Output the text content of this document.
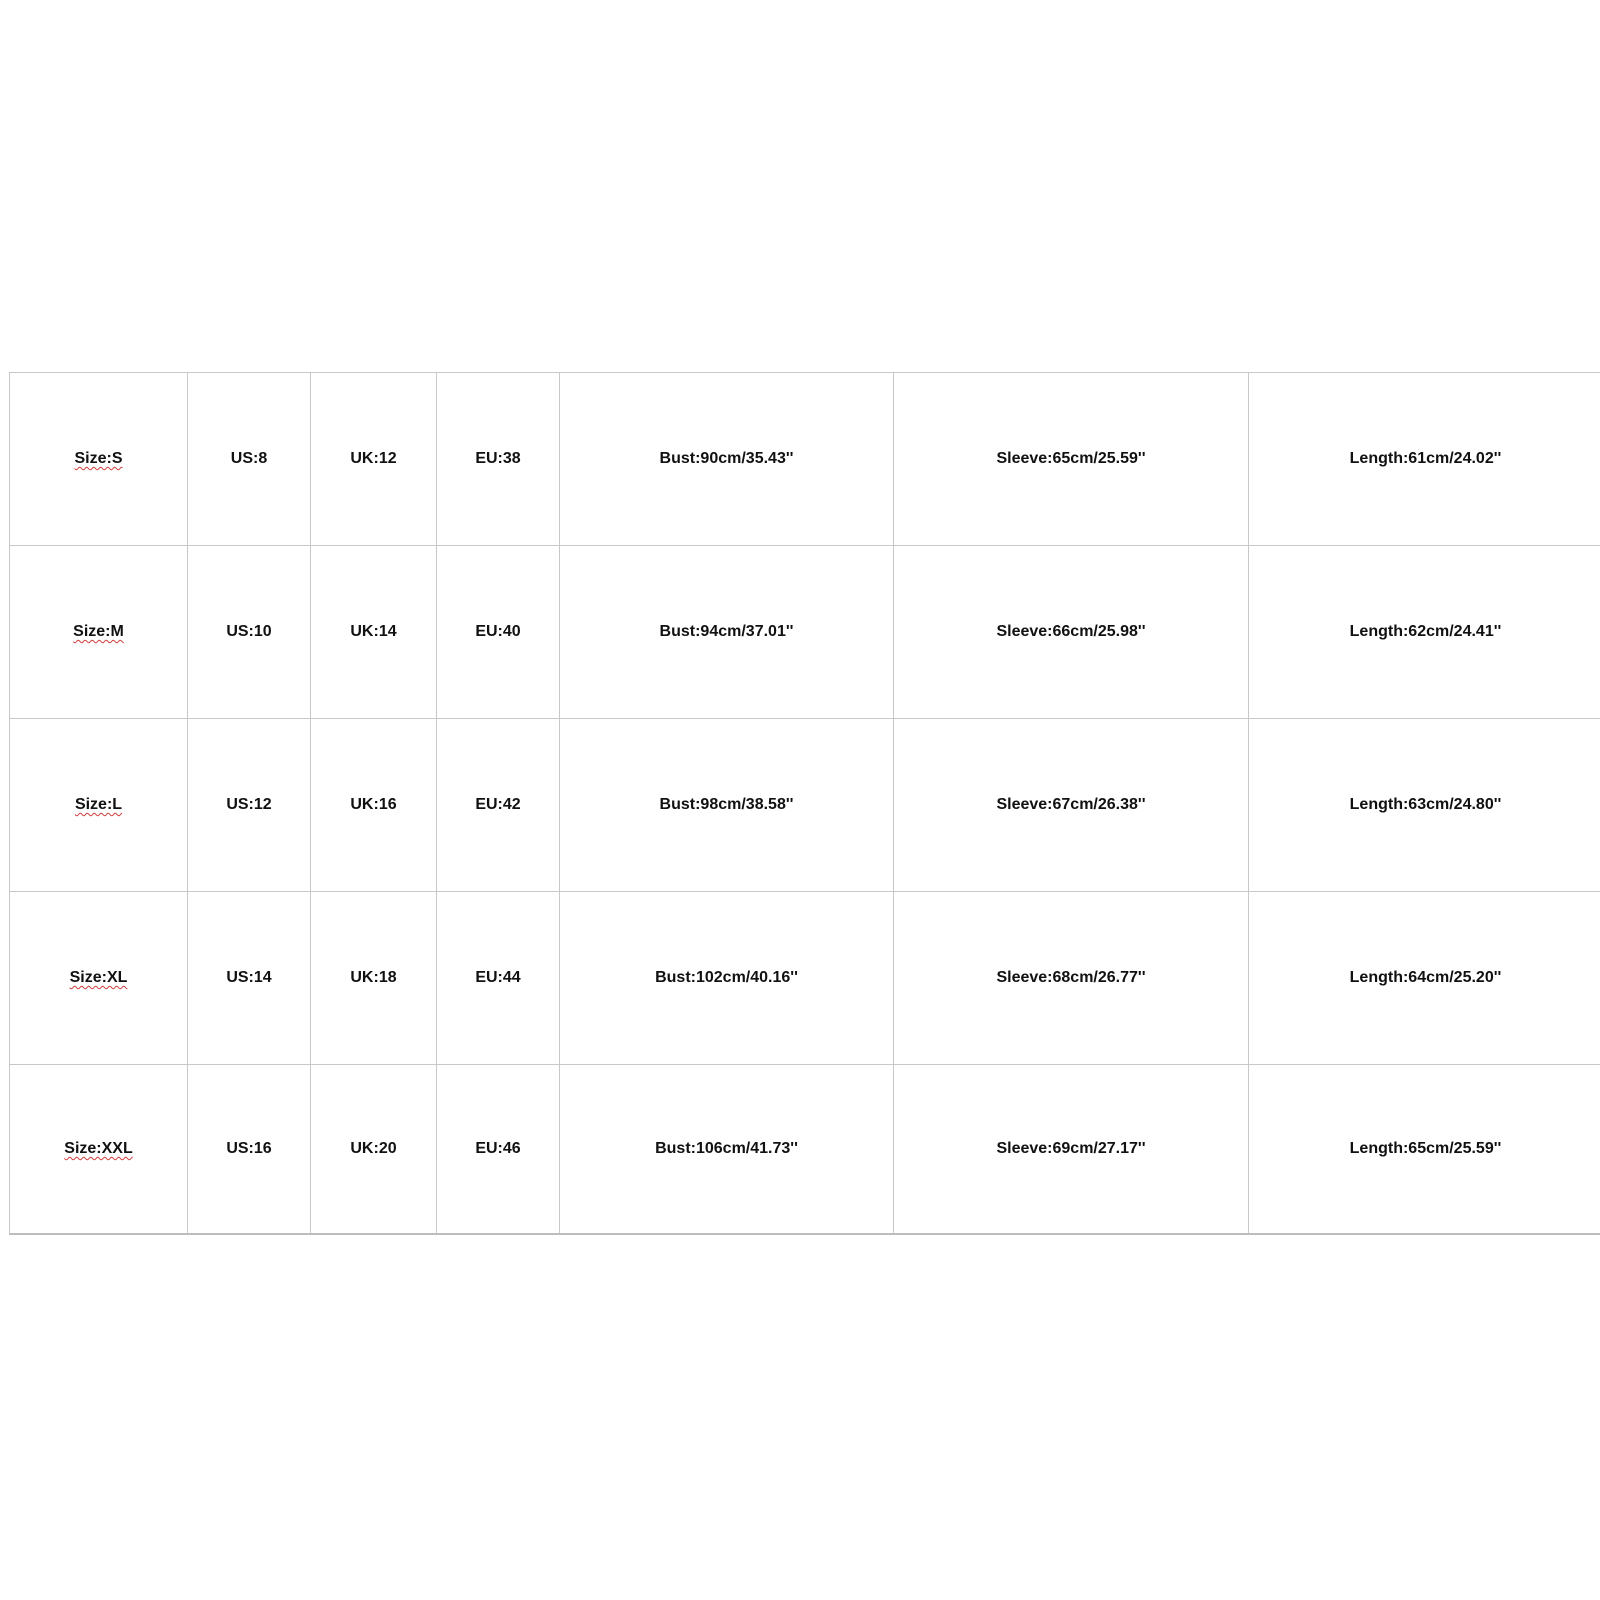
Size:S	US:8	UK:12	EU:38	Bust:90cm/35.43''	Sleeve:65cm/25.59''	Length:61cm/24.02''
Size:M	US:10	UK:14	EU:40	Bust:94cm/37.01''	Sleeve:66cm/25.98''	Length:62cm/24.41''
Size:L	US:12	UK:16	EU:42	Bust:98cm/38.58''	Sleeve:67cm/26.38''	Length:63cm/24.80''
Size:XL	US:14	UK:18	EU:44	Bust:102cm/40.16''	Sleeve:68cm/26.77''	Length:64cm/25.20''
Size:XXL	US:16	UK:20	EU:46	Bust:106cm/41.73''	Sleeve:69cm/27.17''	Length:65cm/25.59''
